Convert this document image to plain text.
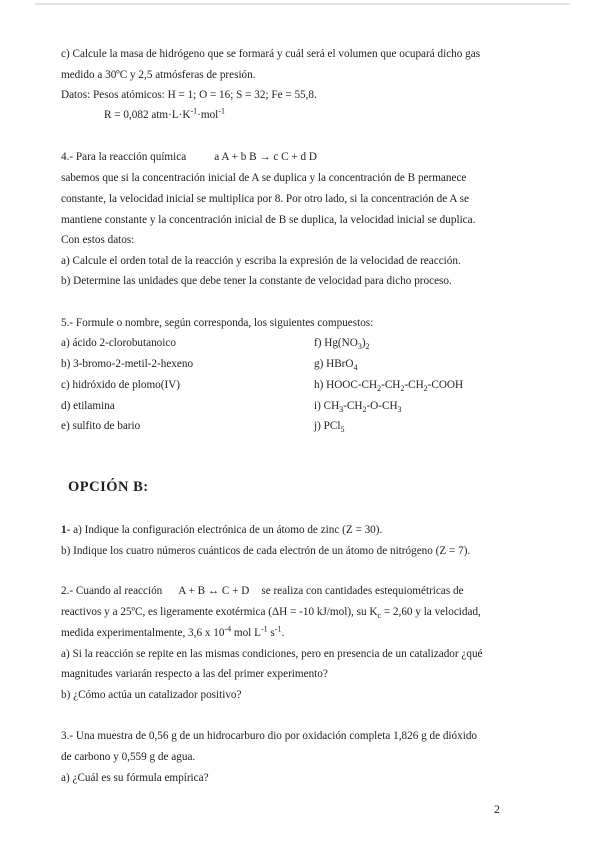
c) Calcule la masa de hidrógeno que se formará y cuál será el volumen que ocupará dicho gas
medido a 30ºC y 2,5 atmósferas de presión.
Datos: Pesos atómicos: H = 1; O = 16; S = 32; Fe = 55,8.
R = 0,082 $atm\cdot L\cdot K^{-1}\cdot mol^{-1}$
4.- Para la reacción química	a A + b B → c C + d D
sabemos que si la concentración inicial de A se duplica y la concentración de B permanece
constante, la velocidad inicial se multiplica por 8. Por otro lado, si la concentración de A se
mantiene constante y la concentración inicial de B se duplica, la velocidad inicial se duplica.
Con estos datos:
a) Calcule el orden total de la reacción y escriba la expresión de la velocidad de reacción.
b) Determine las unidades que debe tener la constante de velocidad para dicho proceso.
5.- Formule o nombre, según corresponda, los siguientes compuestos:
a) ácido 2-clorobutanoico
b) 3-bromo-2-metil-2-hexeno
c) hidróxido de plomo(IV)
d) etilamina
e) sulfito de bario
f) $Hg(NO_3)_2$
g) HBrO$_4$
h) HOOC-$CH_2-CH_2-CH_2$-COOH
i) $CH_3-CH_2-O-CH_3$
j) PCl$_5$
OPCIÓN B:
1- a) Indique la configuración electrónica de un átomo de zinc (Z = 30).
b) Indique los cuatro números cuánticos de cada electrón de un átomo de nitrógeno (Z = 7).
2.- Cuando al reacción A + B ↔ C + D se realiza con cantidades estequiométricas de
reactivos y a 25ºC, es ligeramente exotérmica (ΔH = -10 kJ/mol), su $K_c = 2,60$ y la velocidad,
medida experimentalmente, 3,6 x $10^{-4}$ mol $L^{-1}$ $s^{-1}$.
a) Si la reacción se repite en las mismas condiciones, pero en presencia de un catalizador ¿qué
magnitudes variarán respecto a las del primer experimento?
b) ¿Cómo actúa un catalizador positivo?
3.- Una muestra de 0,56 g de un hidrocarburo dio por oxidación completa 1,826 g de dióxido
de carbono y 0,559 g de agua.
a) ¿Cuál es su fórmula empírica?
2
